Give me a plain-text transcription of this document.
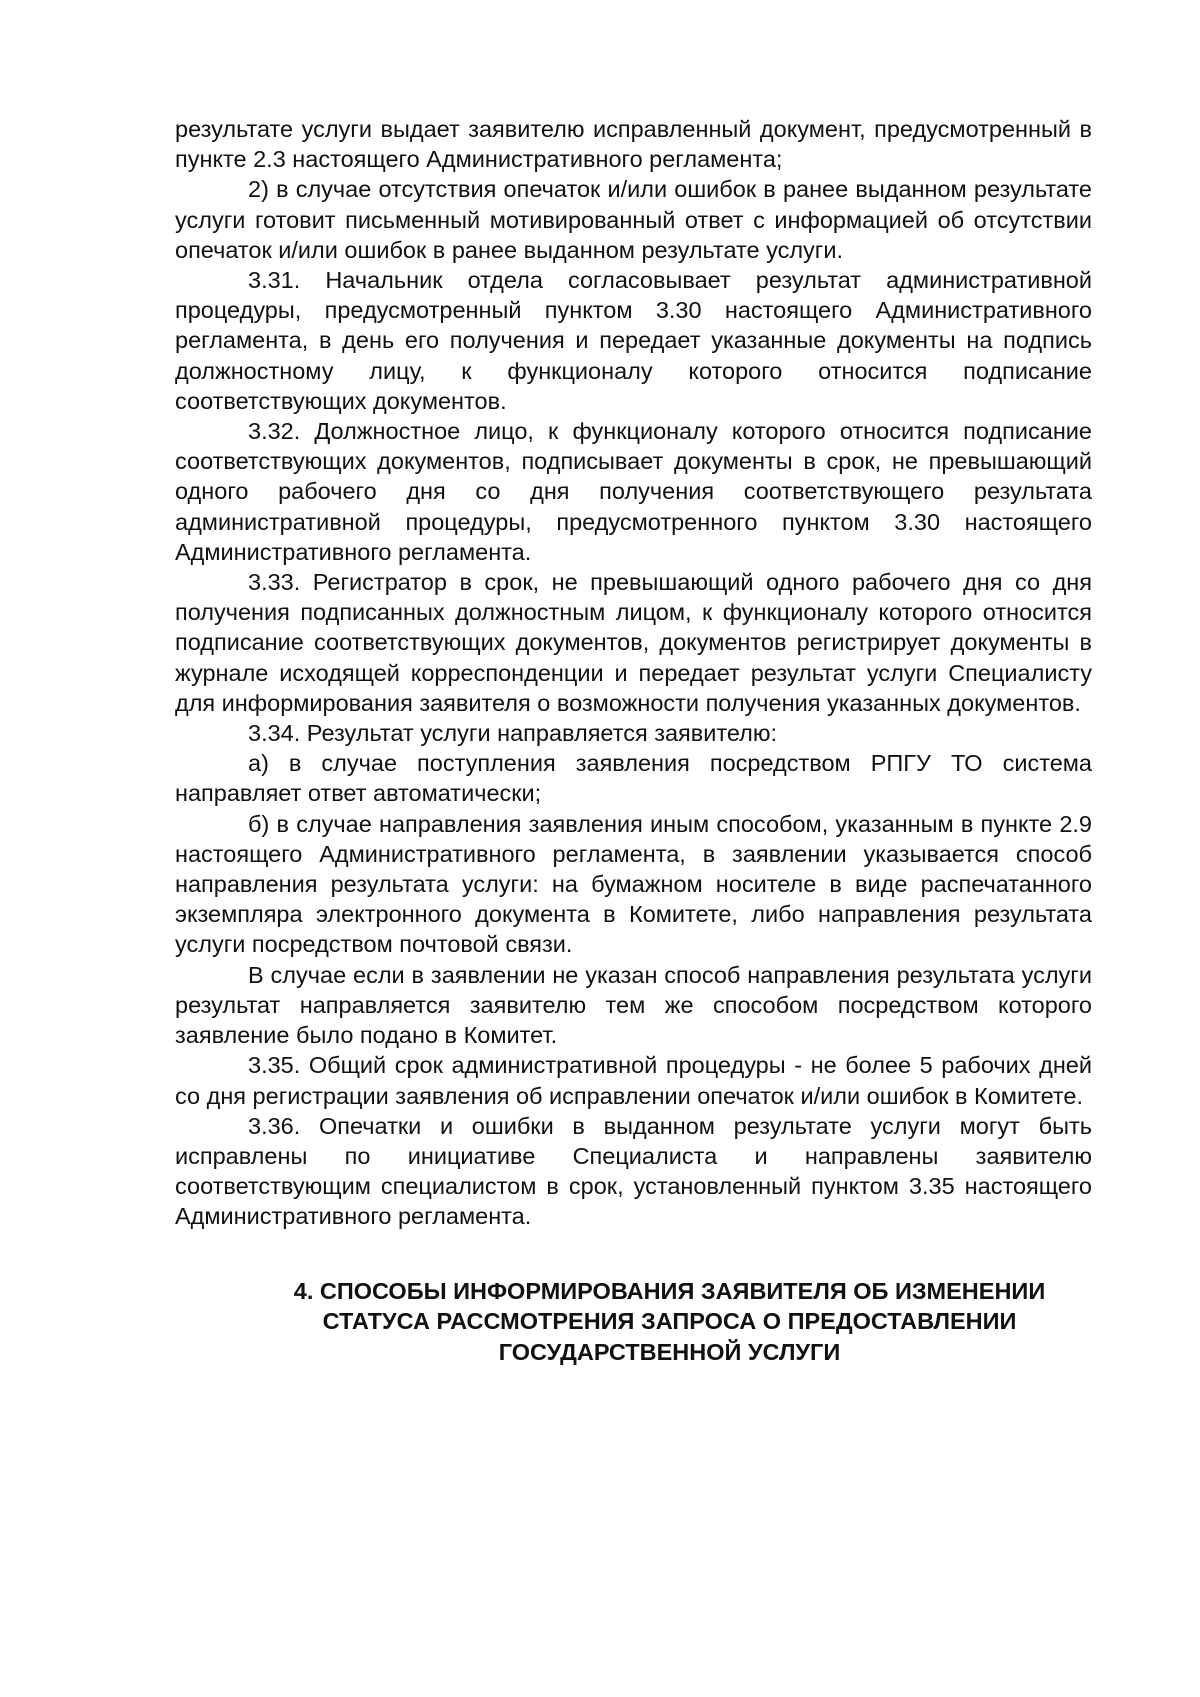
результате услуги выдает заявителю исправленный документ, предусмотренный в пункте 2.3 настоящего Административного регламента;

2) в случае отсутствия опечаток и/или ошибок в ранее выданном результате услуги готовит письменный мотивированный ответ с информацией об отсутствии опечаток и/или ошибок в ранее выданном результате услуги.

3.31. Начальник отдела согласовывает результат административной процедуры, предусмотренный пунктом 3.30 настоящего Административного регламента, в день его получения и передает указанные документы на подпись должностному лицу, к функционалу которого относится подписание соответствующих документов.

3.32. Должностное лицо, к функционалу которого относится подписание соответствующих документов, подписывает документы в срок, не превышающий одного рабочего дня со дня получения соответствующего результата административной процедуры, предусмотренного пунктом 3.30 настоящего Административного регламента.

3.33. Регистратор в срок, не превышающий одного рабочего дня со дня получения подписанных должностным лицом, к функционалу которого относится подписание соответствующих документов, документов регистрирует документы в журнале исходящей корреспонденции и передает результат услуги Специалисту для информирования заявителя о возможности получения указанных документов.

3.34. Результат услуги направляется заявителю:

а) в случае поступления заявления посредством РПГУ ТО система направляет ответ автоматически;

б) в случае направления заявления иным способом, указанным в пункте 2.9 настоящего Административного регламента, в заявлении указывается способ направления результата услуги: на бумажном носителе в виде распечатанного экземпляра электронного документа в Комитете, либо направления результата услуги посредством почтовой связи.

В случае если в заявлении не указан способ направления результата услуги результат направляется заявителю тем же способом посредством которого заявление было подано в Комитет.

3.35. Общий срок административной процедуры - не более 5 рабочих дней со дня регистрации заявления об исправлении опечаток и/или ошибок в Комитете.

3.36. Опечатки и ошибки в выданном результате услуги могут быть исправлены по инициативе Специалиста и направлены заявителю соответствующим специалистом в срок, установленный пунктом 3.35 настоящего Административного регламента.

4. СПОСОБЫ ИНФОРМИРОВАНИЯ ЗАЯВИТЕЛЯ ОБ ИЗМЕНЕНИИ
СТАТУСА РАССМОТРЕНИЯ ЗАПРОСА О ПРЕДОСТАВЛЕНИИ
ГОСУДАРСТВЕННОЙ УСЛУГИ
